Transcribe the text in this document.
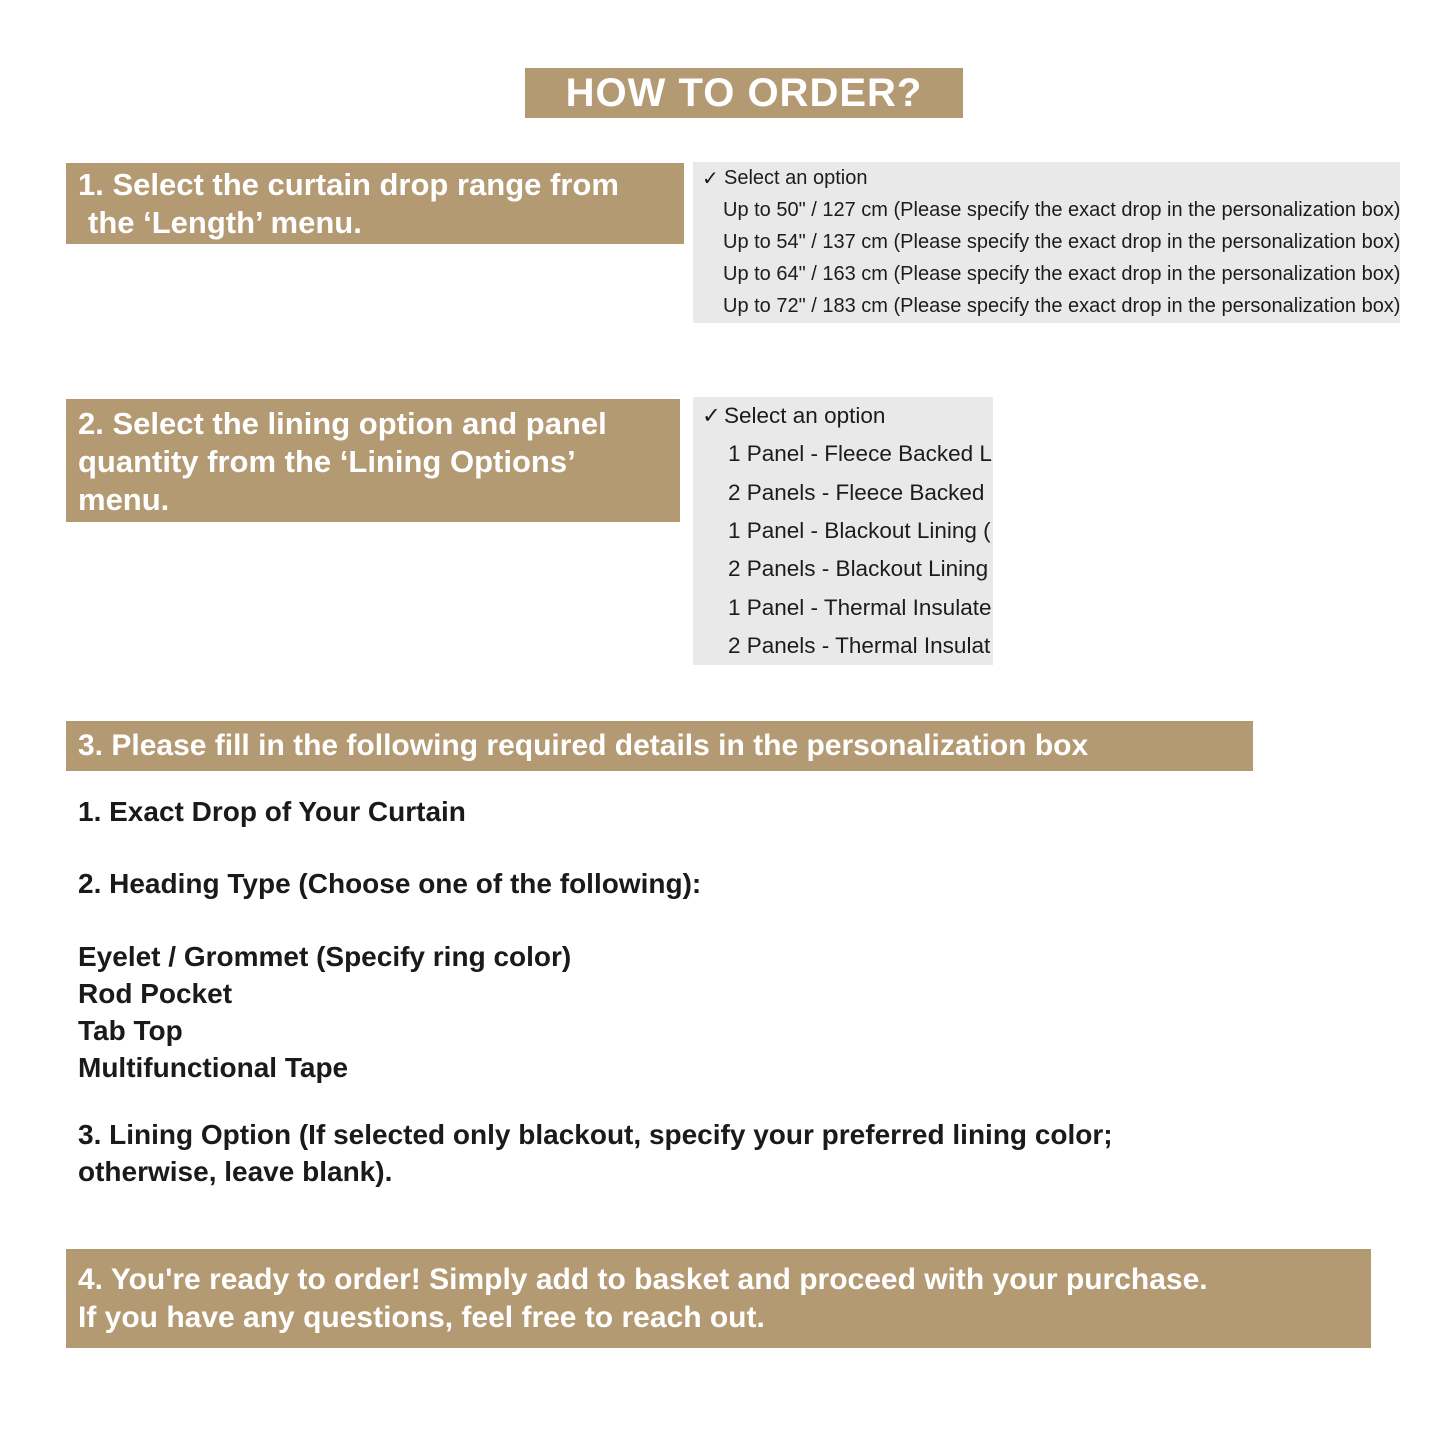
HOW TO ORDER?
1. Select the curtain drop range from
the ‘Length’ menu.
✓ Select an option
Up to 50" / 127 cm (Please specify the exact drop in the personalization box)
Up to 54" / 137 cm (Please specify the exact drop in the personalization box)
Up to 64" / 163 cm (Please specify the exact drop in the personalization box)
Up to 72" / 183 cm (Please specify the exact drop in the personalization box)
2. Select the lining option and panel
quantity from the ‘Lining Options’
menu.
✓ Select an option
1 Panel - Fleece Backed L
2 Panels - Fleece Backed
1 Panel - Blackout Lining (
2 Panels - Blackout Lining
1 Panel - Thermal Insulate
2 Panels - Thermal Insulat
3. Please fill in the following required details in the personalization box
1. Exact Drop of Your Curtain
2. Heading Type (Choose one of the following):
Eyelet / Grommet (Specify ring color)
Rod Pocket
Tab Top
Multifunctional Tape
3. Lining Option (If selected only blackout, specify your preferred lining color;
otherwise, leave blank).
4. You're ready to order! Simply add to basket and proceed with your purchase.
If you have any questions, feel free to reach out.
